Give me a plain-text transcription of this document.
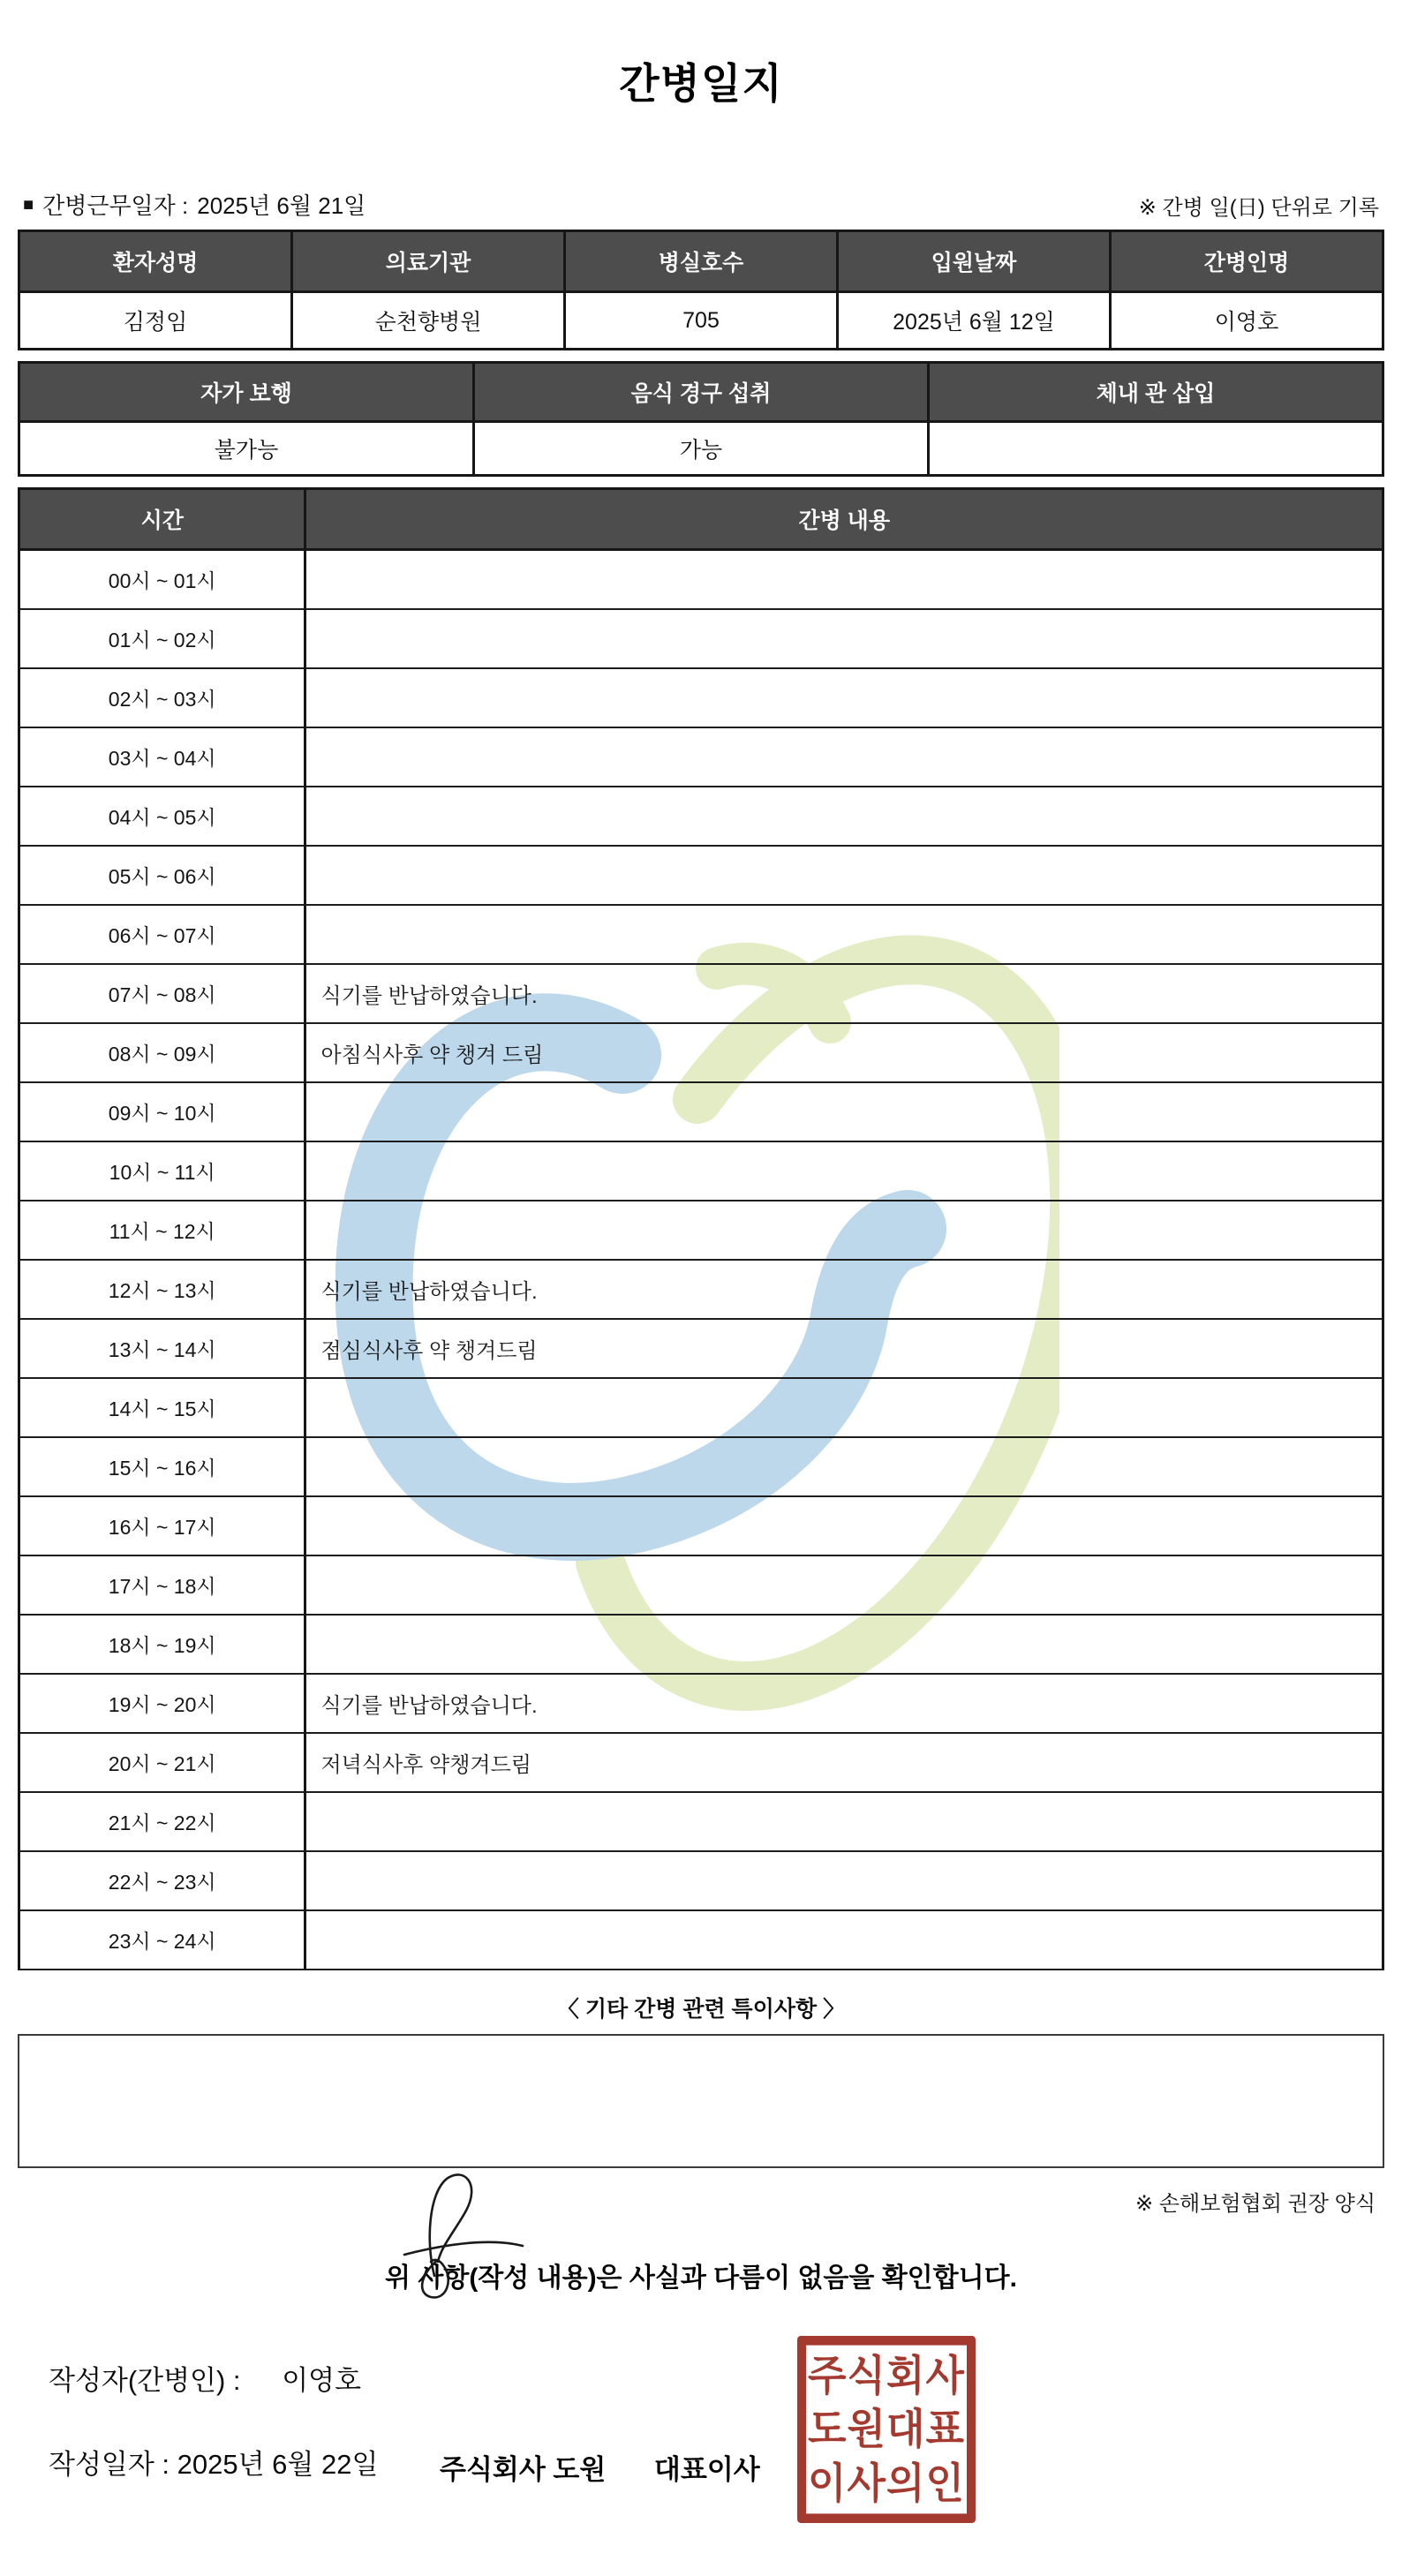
간병일지
■ 간병근무일자 : 2025년 6월 21일	※ 간병 일(日) 단위로 기록
환자성명	의료기관	병실호수	입원날짜	간병인명
김정임	순천향병원	705	2025년 6월 12일	이영호
자가 보행	음식 경구 섭취	체내 관 삽입
불가능	가능	
시간	간병 내용
00시 ~ 01시	
01시 ~ 02시	
02시 ~ 03시	
03시 ~ 04시	
04시 ~ 05시	
05시 ~ 06시	
06시 ~ 07시	
07시 ~ 08시	식기를 반납하였습니다.
08시 ~ 09시	아침식사후 약 챙겨 드림
09시 ~ 10시	
10시 ~ 11시	
11시 ~ 12시	
12시 ~ 13시	식기를 반납하였습니다.
13시 ~ 14시	점심식사후 약 챙겨드림
14시 ~ 15시	
15시 ~ 16시	
16시 ~ 17시	
17시 ~ 18시	
18시 ~ 19시	
19시 ~ 20시	식기를 반납하였습니다.
20시 ~ 21시	저녁식사후 약챙겨드림
21시 ~ 22시	
22시 ~ 23시	
23시 ~ 24시	
〈 기타 간병 관련 특이사항 〉
※ 손해보험협회 권장 양식
위 사항(작성 내용)은 사실과 다름이 없음을 확인합니다.
작성자(간병인) : 이영호
작성일자 : 2025년 6월 22일	주식회사 도원 대표이사
주식회사
도원대표
이사의인
